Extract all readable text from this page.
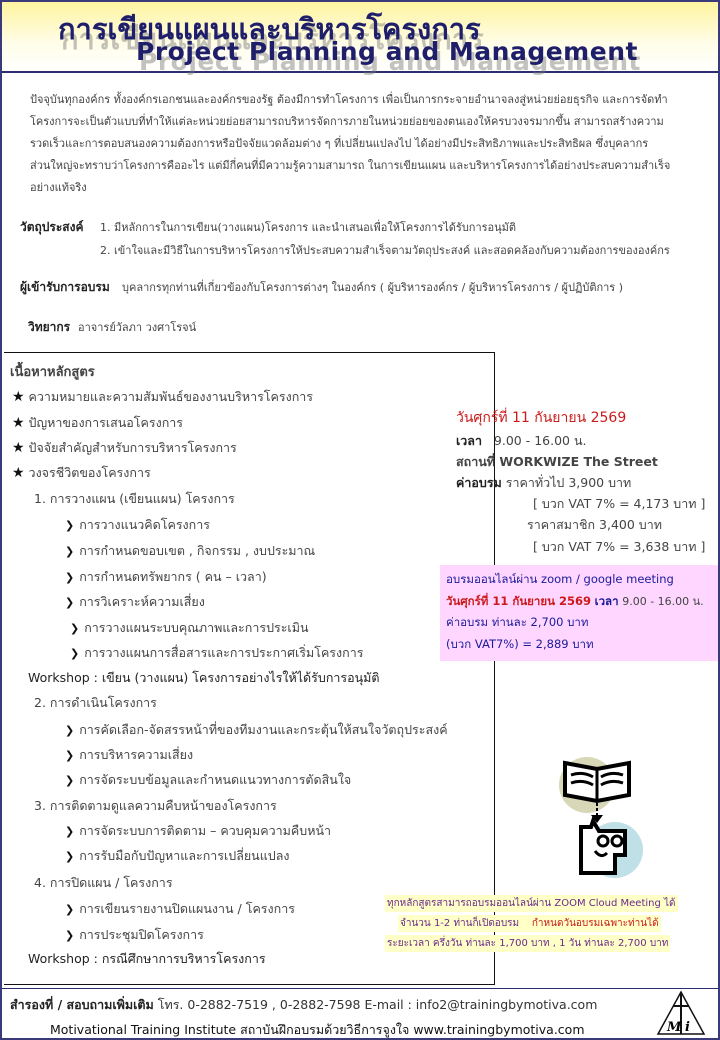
การเขียนแผนและบริหารโครงการ
Project Planning and Management
ปัจจุบันทุกองค์กร ทั้งองค์กรเอกชนและองค์กรของรัฐ ต้องมีการทำโครงการ เพื่อเป็นการกระจายอำนาจลงสู่หน่วยย่อยธุรกิจ และการจัดทำ
โครงการจะเป็นตัวแบบที่ทำให้แต่ละหน่วยย่อยสามารถบริหารจัดการภายในหน่วยย่อยของตนเองให้ครบวงจรมากขึ้น สามารถสร้างความ
รวดเร็วและการตอบสนองความต้องการหรือปัจจัยแวดล้อมต่าง ๆ ที่เปลี่ยนแปลงไป ได้อย่างมีประสิทธิภาพและประสิทธิผล ซึ่งบุคลากร
ส่วนใหญ่จะทราบว่าโครงการคืออะไร แต่มีกี่คนที่มีความรู้ความสามารถ ในการเขียนแผน และบริหารโครงการได้อย่างประสบความสำเร็จ
อย่างแท้จริง
วัตถุประสงค์ 1. มีหลักการในการเขียน(วางแผน)โครงการ และนำเสนอเพื่อให้โครงการได้รับการอนุมัติ
2. เข้าใจและมีวิธีในการบริหารโครงการให้ประสบความสำเร็จตามวัตถุประสงค์ และสอดคล้องกับความต้องการขององค์กร
ผู้เข้ารับการอบรม บุคลากรทุกท่านที่เกี่ยวข้องกับโครงการต่างๆ ในองค์กร ( ผู้บริหารองค์กร / ผู้บริหารโครงการ / ผู้ปฏิบัติการ )
วิทยากร อาจารย์วัลภา วงศาโรจน์
เนื้อหาหลักสูตร
★ ความหมายและความสัมพันธ์ของงานบริหารโครงการ
★ ปัญหาของการเสนอโครงการ
★ ปัจจัยสำคัญสำหรับการบริหารโครงการ
★ วงจรชีวิตของโครงการ
1. การวางแผน (เขียนแผน) โครงการ
❯ การวางแนวคิดโครงการ
❯ การกำหนดขอบเขต , กิจกรรม , งบประมาณ
❯ การกำหนดทรัพยากร ( คน – เวลา)
❯ การวิเคราะห์ความเสี่ยง
❯ การวางแผนระบบคุณภาพและการประเมิน
❯ การวางแผนการสื่อสารและการประกาศเริ่มโครงการ
Workshop : เขียน (วางแผน) โครงการอย่างไรให้ได้รับการอนุมัติ
2. การดำเนินโครงการ
❯ การคัดเลือก-จัดสรรหน้าที่ของทีมงานและกระตุ้นให้สนใจวัตถุประสงค์
❯ การบริหารความเสี่ยง
❯ การจัดระบบข้อมูลและกำหนดแนวทางการตัดสินใจ
3. การติดตามดูแลความคืบหน้าของโครงการ
❯ การจัดระบบการติดตาม – ควบคุมความคืบหน้า
❯ การรับมือกับปัญหาและการเปลี่ยนแปลง
4. การปิดแผน / โครงการ
❯ การเขียนรายงานปิดแผนงาน / โครงการ
❯ การประชุมปิดโครงการ
Workshop : กรณีศึกษาการบริหารโครงการ
วันศุกร์ที่ 11 กันยายน 2569
เวลา 9.00 - 16.00 น.
สถานที่ WORKWIZE The Street
ค่าอบรม ราคาทั่วไป 3,900 บาท
[ บวก VAT 7% = 4,173 บาท ]
ราคาสมาชิก 3,400 บาท
[ บวก VAT 7% = 3,638 บาท ]
อบรมออนไลน์ผ่าน zoom / google meeting
วันศุกร์ที่ 11 กันยายน 2569 เวลา 9.00 - 16.00 น.
ค่าอบรม ท่านละ 2,700 บาท
(บวก VAT7%) = 2,889 บาท
ทุกหลักสูตรสามารถอบรมออนไลน์ผ่าน ZOOM Cloud Meeting ได้
จำนวน 1-2 ท่านก็เปิดอบรม กำหนดวันอบรมเฉพาะท่านได้
ระยะเวลา ครึ่งวัน ท่านละ 1,700 บาท , 1 วัน ท่านละ 2,700 บาท
สำรองที่ / สอบถามเพิ่มเติม โทร. 0-2882-7519 , 0-2882-7598 E-mail : info2@trainingbymotiva.com
Motivational Training Institute สถาบันฝึกอบรมด้วยวิธีการจูงใจ www.trainingbymotiva.com	M i
